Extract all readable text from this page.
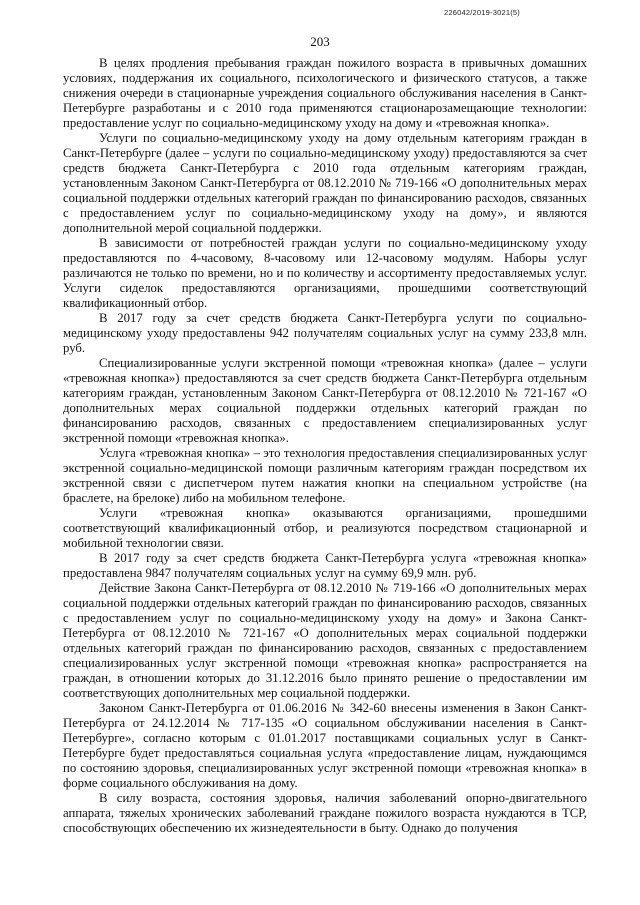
226042/2019-3021(5)
203

В целях продления пребывания граждан пожилого возраста в привычных домашних условиях, поддержания их социального, психологического и физического статусов, а также снижения очереди в стационарные учреждения социального обслуживания населения в Санкт-Петербурге разработаны и с 2010 года применяются стационарозамещающие технологии: предоставление услуг по социально-медицинскому уходу на дому и «тревожная кнопка».

Услуги по социально-медицинскому уходу на дому отдельным категориям граждан в Санкт-Петербурге (далее – услуги по социально-медицинскому уходу) предоставляются за счет средств бюджета Санкт-Петербурга с 2010 года отдельным категориям граждан, установленным Законом Санкт-Петербурга от 08.12.2010 № 719-166 «О дополнительных мерах социальной поддержки отдельных категорий граждан по финансированию расходов, связанных с предоставлением услуг по социально-медицинскому уходу на дому», и являются дополнительной мерой социальной поддержки.

В зависимости от потребностей граждан услуги по социально-медицинскому уходу предоставляются по 4-часовому, 8-часовому или 12-часовому модулям. Наборы услуг различаются не только по времени, но и по количеству и ассортименту предоставляемых услуг. Услуги сиделок предоставляются организациями, прошедшими соответствующий квалификационный отбор.

В 2017 году за счет средств бюджета Санкт-Петербурга услуги по социально-медицинскому уходу предоставлены 942 получателям социальных услуг на сумму 233,8 млн. руб.

Специализированные услуги экстренной помощи «тревожная кнопка» (далее – услуги «тревожная кнопка») предоставляются за счет средств бюджета Санкт-Петербурга отдельным категориям граждан, установленным Законом Санкт-Петербурга от 08.12.2010 № 721-167 «О дополнительных мерах социальной поддержки отдельных категорий граждан по финансированию расходов, связанных с предоставлением специализированных услуг экстренной помощи «тревожная кнопка».

Услуга «тревожная кнопка» – это технология предоставления специализированных услуг экстренной социально-медицинской помощи различным категориям граждан посредством их экстренной связи с диспетчером путем нажатия кнопки на специальном устройстве (на браслете, на брелоке) либо на мобильном телефоне.

Услуги «тревожная кнопка» оказываются организациями, прошедшими соответствующий квалификационный отбор, и реализуются посредством стационарной и мобильной технологии связи.

В 2017 году за счет средств бюджета Санкт-Петербурга услуга «тревожная кнопка» предоставлена 9847 получателям социальных услуг на сумму 69,9 млн. руб.

Действие Закона Санкт-Петербурга от 08.12.2010 № 719-166 «О дополнительных мерах социальной поддержки отдельных категорий граждан по финансированию расходов, связанных с предоставлением услуг по социально-медицинскому уходу на дому» и Закона Санкт-Петербурга от 08.12.2010 № 721-167 «О дополнительных мерах социальной поддержки отдельных категорий граждан по финансированию расходов, связанных с предоставлением специализированных услуг экстренной помощи «тревожная кнопка» распространяется на граждан, в отношении которых до 31.12.2016 было принято решение о предоставлении им соответствующих дополнительных мер социальной поддержки.

Законом Санкт-Петербурга от 01.06.2016 № 342-60 внесены изменения в Закон Санкт-Петербурга от 24.12.2014 № 717-135 «О социальном обслуживании населения в Санкт-Петербурге», согласно которым с 01.01.2017 поставщиками социальных услуг в Санкт-Петербурге будет предоставляться социальная услуга «предоставление лицам, нуждающимся по состоянию здоровья, специализированных услуг экстренной помощи «тревожная кнопка» в форме социального обслуживания на дому.

В силу возраста, состояния здоровья, наличия заболеваний опорно-двигательного аппарата, тяжелых хронических заболеваний граждане пожилого возраста нуждаются в ТСР, способствующих обеспечению их жизнедеятельности в быту. Однако до получения
